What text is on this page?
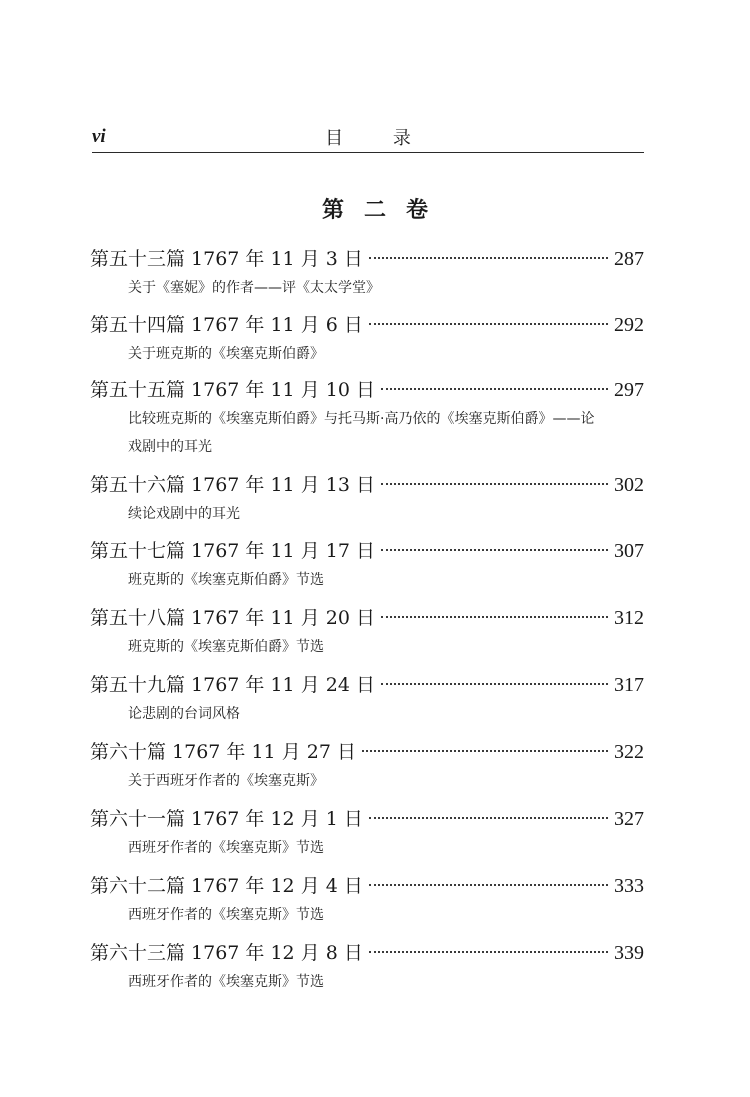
vi	目 录
第二卷
第五十三篇 1767 年 11 月 3 日	287
关于《塞妮》的作者——评《太太学堂》
第五十四篇 1767 年 11 月 6 日	292
关于班克斯的《埃塞克斯伯爵》
第五十五篇 1767 年 11 月 10 日	297
比较班克斯的《埃塞克斯伯爵》与托马斯·高乃依的《埃塞克斯伯爵》——论戏剧中的耳光
第五十六篇 1767 年 11 月 13 日	302
续论戏剧中的耳光
第五十七篇 1767 年 11 月 17 日	307
班克斯的《埃塞克斯伯爵》节选
第五十八篇 1767 年 11 月 20 日	312
班克斯的《埃塞克斯伯爵》节选
第五十九篇 1767 年 11 月 24 日	317
论悲剧的台词风格
第六十篇 1767 年 11 月 27 日	322
关于西班牙作者的《埃塞克斯》
第六十一篇 1767 年 12 月 1 日	327
西班牙作者的《埃塞克斯》节选
第六十二篇 1767 年 12 月 4 日	333
西班牙作者的《埃塞克斯》节选
第六十三篇 1767 年 12 月 8 日	339
西班牙作者的《埃塞克斯》节选
